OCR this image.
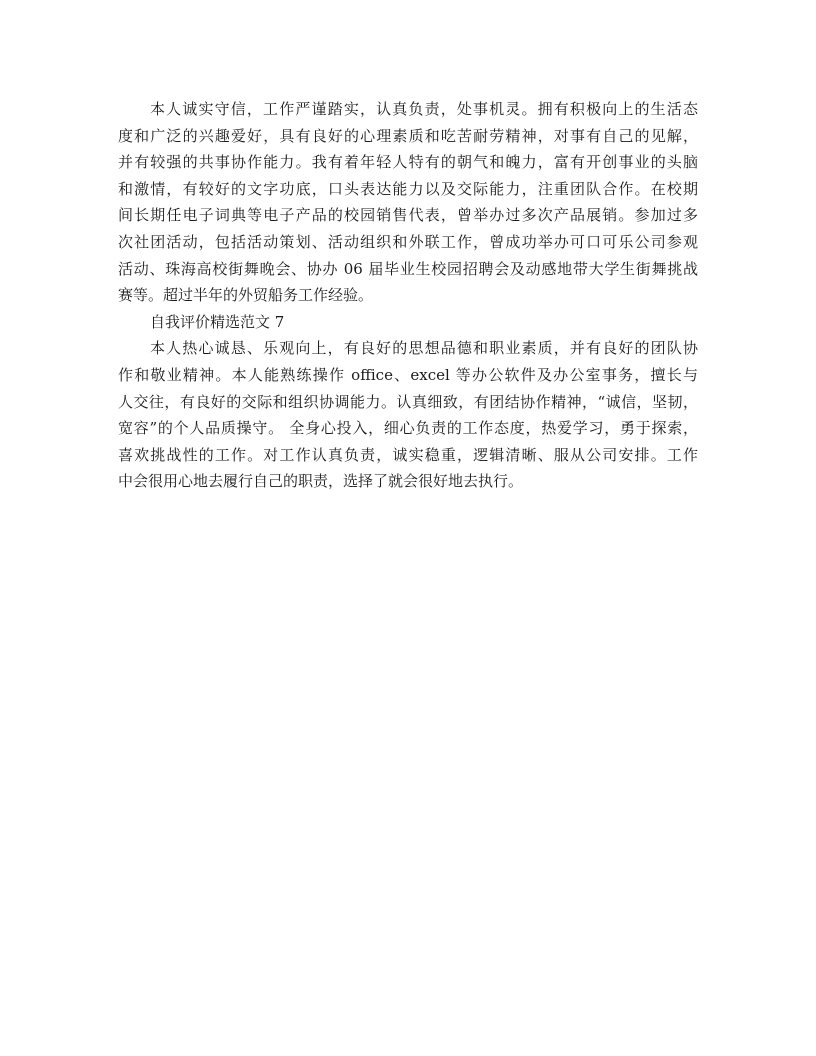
本人诚实守信，工作严谨踏实，认真负责，处事机灵。拥有积极向上的生活态
度和广泛的兴趣爱好，具有良好的心理素质和吃苦耐劳精神，对事有自己的见解，
并有较强的共事协作能力。我有着年轻人特有的朝气和魄力，富有开创事业的头脑
和激情，有较好的文字功底，口头表达能力以及交际能力，注重团队合作。在校期
间长期任电子词典等电子产品的校园销售代表，曾举办过多次产品展销。参加过多
次社团活动，包括活动策划、活动组织和外联工作，曾成功举办可口可乐公司参观
活动、珠海高校街舞晚会、协办 06 届毕业生校园招聘会及动感地带大学生街舞挑战
赛等。超过半年的外贸船务工作经验。
自我评价精选范文 7
本人热心诚恳、乐观向上，有良好的思想品德和职业素质，并有良好的团队协
作和敬业精神。本人能熟练操作 office、excel 等办公软件及办公室事务，擅长与
人交往，有良好的交际和组织协调能力。认真细致，有团结协作精神，“诚信，坚韧，
宽容”的个人品质操守。 全身心投入，细心负责的工作态度，热爱学习，勇于探索，
喜欢挑战性的工作。对工作认真负责，诚实稳重，逻辑清晰、服从公司安排。工作
中会很用心地去履行自己的职责，选择了就会很好地去执行。
